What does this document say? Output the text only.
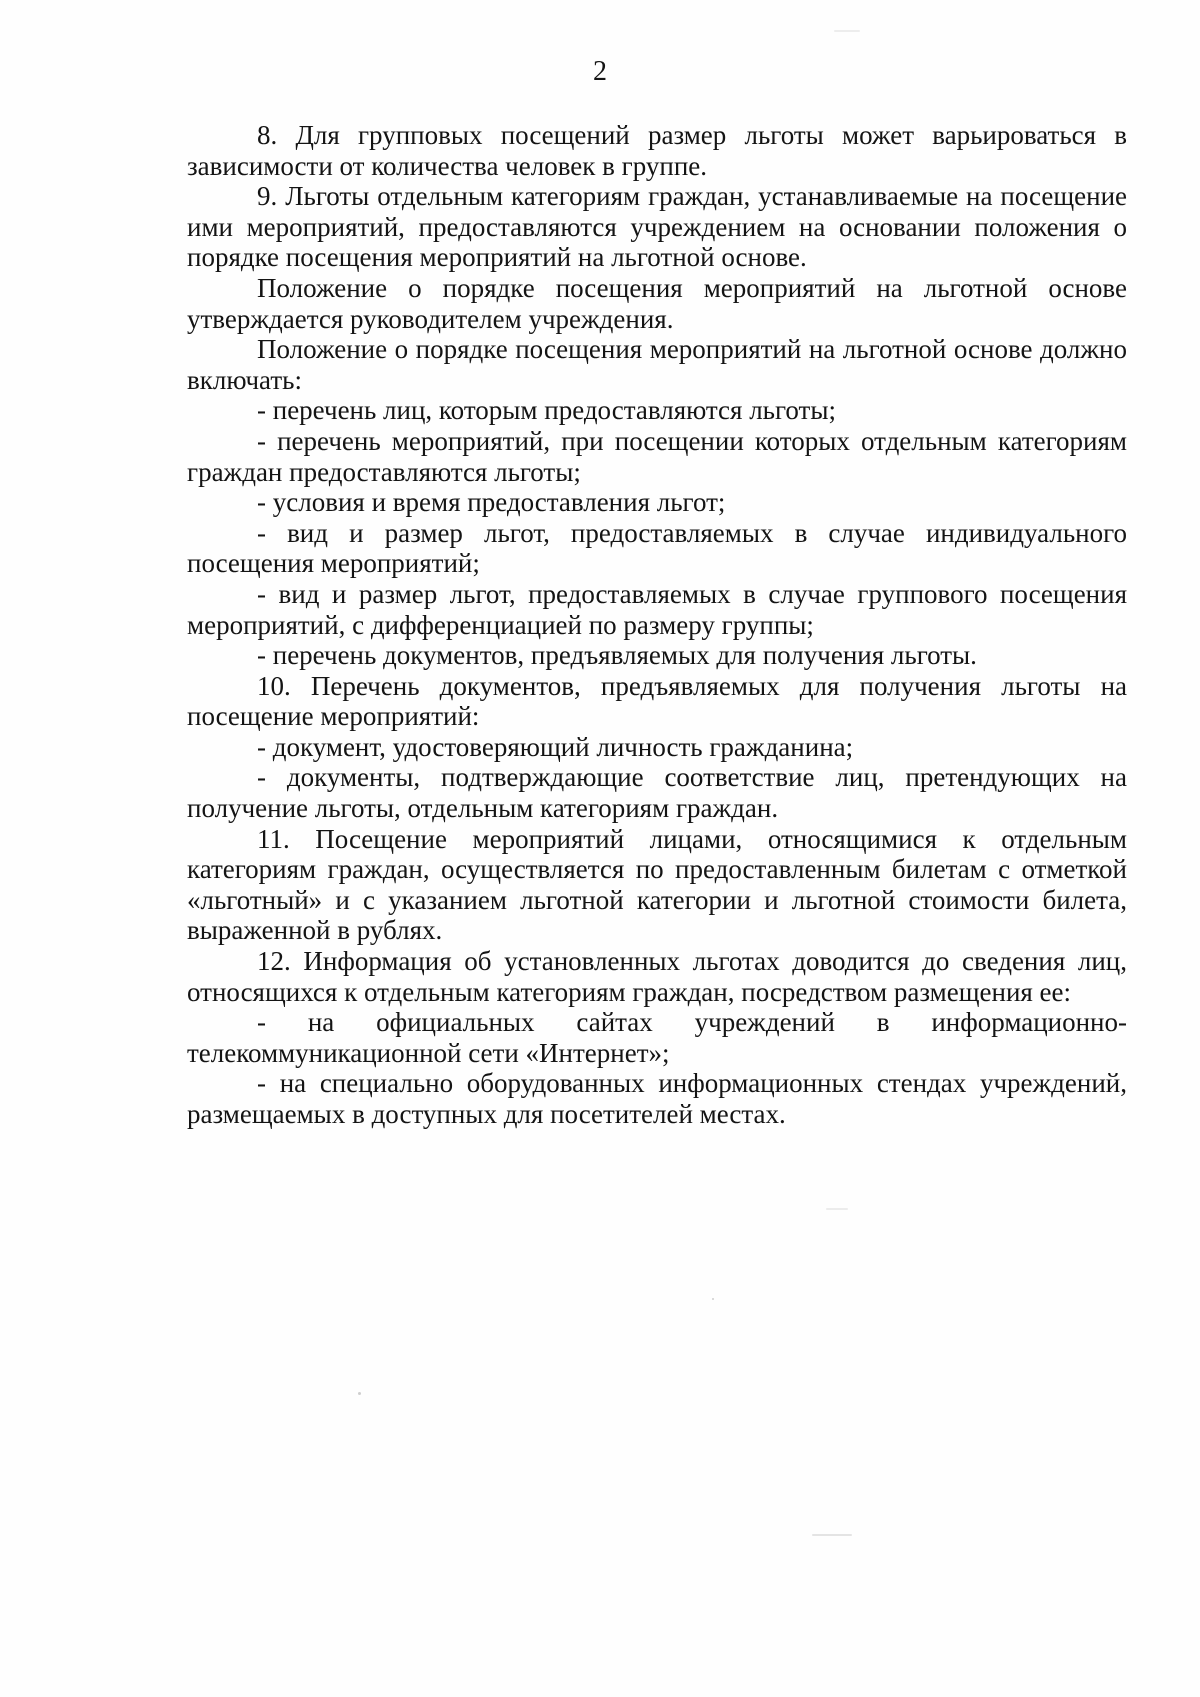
2

8. Для групповых посещений размер льготы может варьироваться в зависимости от количества человек в группе.

9. Льготы отдельным категориям граждан, устанавливаемые на посещение ими мероприятий, предоставляются учреждением на основании положения о порядке посещения мероприятий на льготной основе.

Положение о порядке посещения мероприятий на льготной основе утверждается руководителем учреждения.

Положение о порядке посещения мероприятий на льготной основе должно включать:

- перечень лиц, которым предоставляются льготы;

- перечень мероприятий, при посещении которых отдельным категориям граждан предоставляются льготы;

- условия и время предоставления льгот;

- вид и размер льгот, предоставляемых в случае индивидуального посещения мероприятий;

- вид и размер льгот, предоставляемых в случае группового посещения мероприятий, с дифференциацией по размеру группы;

- перечень документов, предъявляемых для получения льготы.

10. Перечень документов, предъявляемых для получения льготы на посещение мероприятий:

- документ, удостоверяющий личность гражданина;

- документы, подтверждающие соответствие лиц, претендующих на получение льготы, отдельным категориям граждан.

11. Посещение мероприятий лицами, относящимися к отдельным категориям граждан, осуществляется по предоставленным билетам с отметкой «льготный» и с указанием льготной категории и льготной стоимости билета, выраженной в рублях.

12. Информация об установленных льготах доводится до сведения лиц, относящихся к отдельным категориям граждан, посредством размещения ее:

- на официальных сайтах учреждений в информационно-телекоммуникационной сети «Интернет»;

- на специально оборудованных информационных стендах учреждений, размещаемых в доступных для посетителей местах.
